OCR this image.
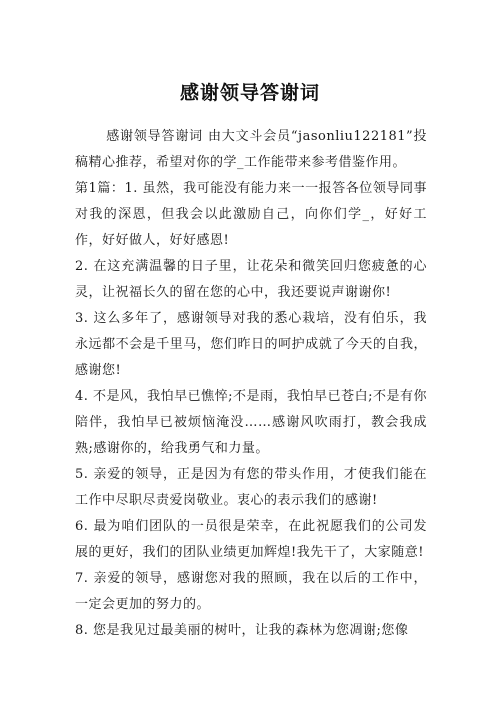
感谢领导答谢词

感谢领导答谢词 由大文斗会员“jasonliu122181”投稿精心推荐，希望对你的学_工作能带来参考借鉴作用。

第1篇：1. 虽然，我可能没有能力来一一报答各位领导同事对我的深恩，但我会以此激励自己，向你们学_，好好工作，好好做人，好好感恩!

2. 在这充满温馨的日子里，让花朵和微笑回归您疲惫的心灵，让祝福长久的留在您的心中，我还要说声谢谢你!

3. 这么多年了，感谢领导对我的悉心栽培，没有伯乐，我永远都不会是千里马，您们昨日的呵护成就了今天的自我，感谢您!

4. 不是风，我怕早已憔悴;不是雨，我怕早已苍白;不是有你陪伴，我怕早已被烦恼淹没……感谢风吹雨打，教会我成熟;感谢你的，给我勇气和力量。

5. 亲爱的领导，正是因为有您的带头作用，才使我们能在工作中尽职尽责爱岗敬业。衷心的表示我们的感谢!

6. 最为咱们团队的一员很是荣幸，在此祝愿我们的公司发展的更好，我们的团队业绩更加辉煌!我先干了，大家随意!

7. 亲爱的领导，感谢您对我的照顾，我在以后的工作中，一定会更加的努力的。

8. 您是我见过最美丽的树叶，让我的森林为您凋谢;您像
